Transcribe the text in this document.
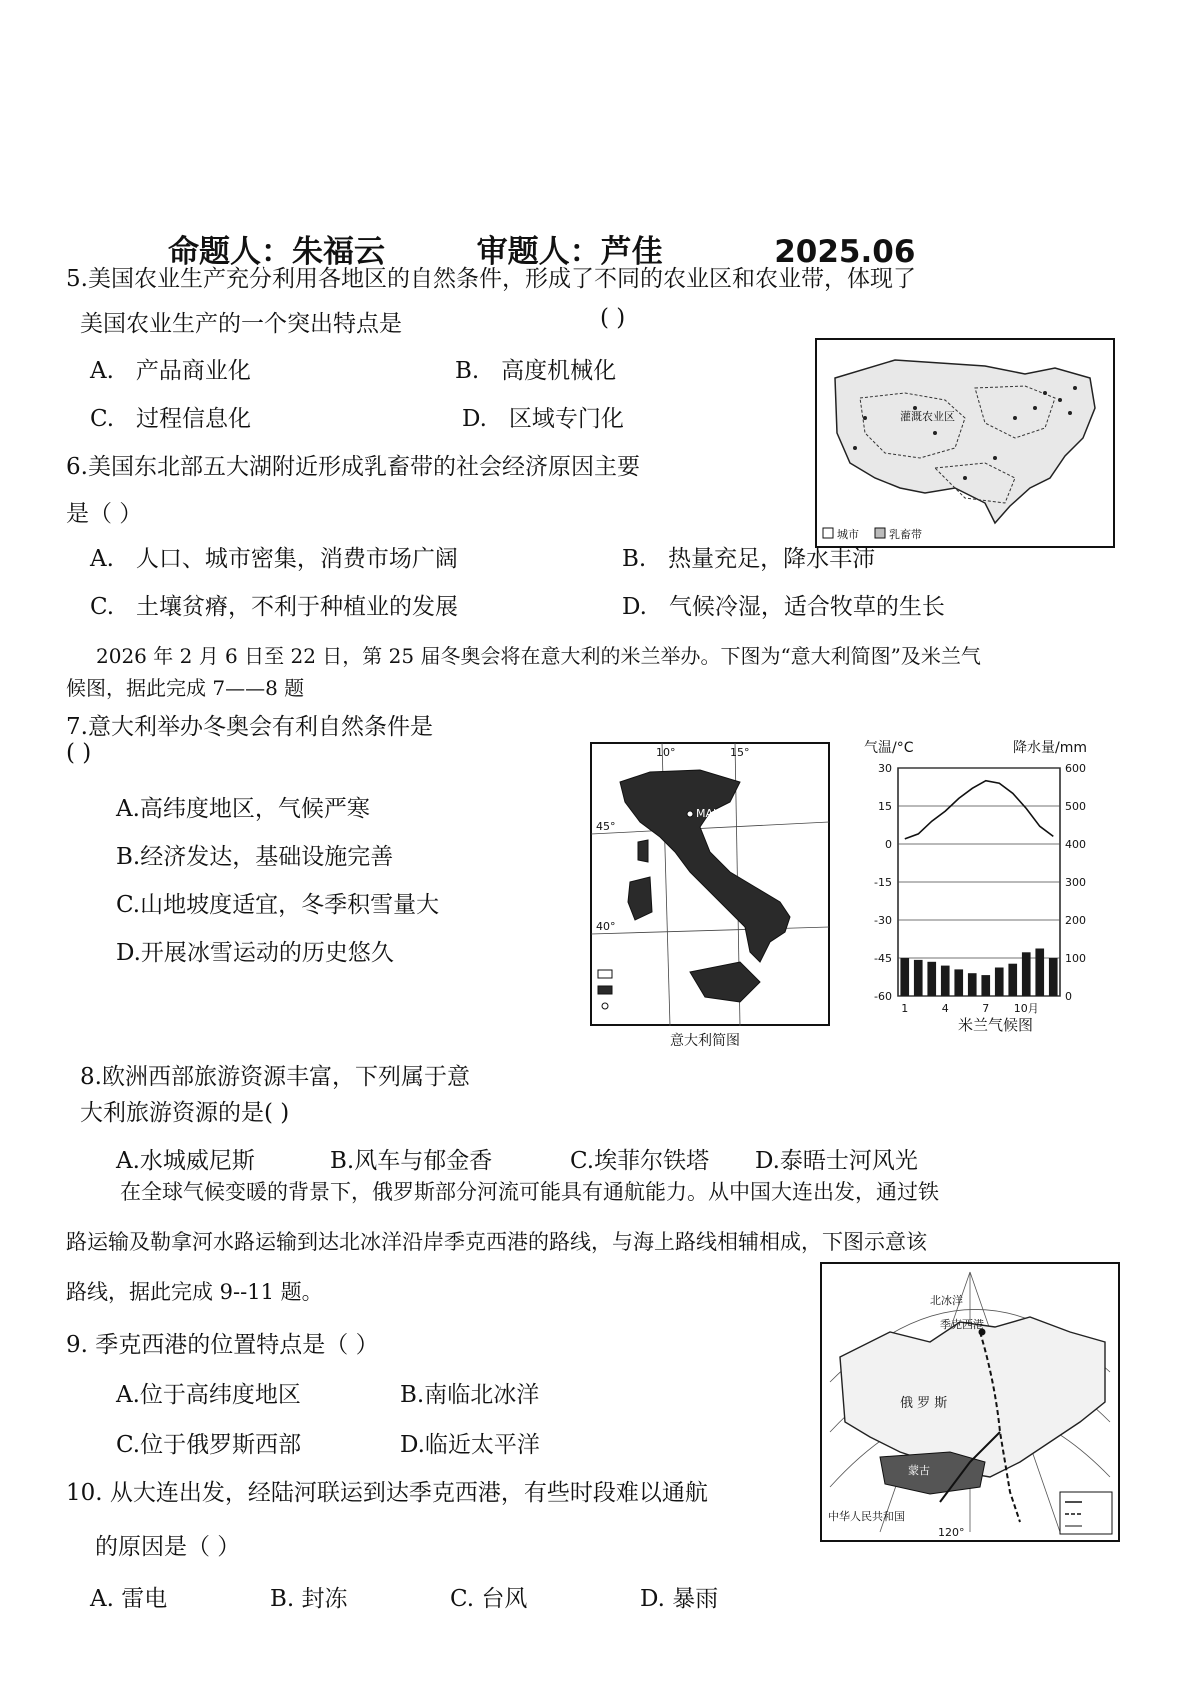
命题人：朱福云	审题人：芦佳	2025.06
5.美国农业生产充分利用各地区的自然条件，形成了不同的农业区和农业带，体现了
美国农业生产的一个突出特点是	( )
A. 产品商业化	B. 高度机械化
C. 过程信息化	D. 区域专门化	灌溉农业区
城市	乳畜带
6.美国东北部五大湖附近形成乳畜带的社会经济原因主要
是（ ）
A. 人口、城市密集，消费市场广阔	B. 热量充足，降水丰沛
C. 土壤贫瘠，不利于种植业的发展	D. 气候冷湿，适合牧草的生长
2026 年 2 月 6 日至 22 日，第 25 届冬奥会将在意大利的米兰举办。下图为“意大利简图”及米兰气
候图，据此完成 7——8 题
7.意大利举办冬奥会有利自然条件是
( )
A.高纬度地区，气候严寒
B.经济发达，基础设施完善
C.山地坡度适宜，冬季积雪量大
D.开展冰雪运动的历史悠久
45°
40°
10°	15°
MAILE
意大利简图
气温/°C	降水量/mm
30	600
15	500
0	400
-15	300
-30	200
-45	100
-60	0
1	4	7 10月
米兰气候图
8.欧洲西部旅游资源丰富，下列属于意
大利旅游资源的是( )
A.水城威尼斯	B.风车与郁金香	C.埃菲尔铁塔 D.泰晤士河风光
在全球气候变暖的背景下，俄罗斯部分河流可能具有通航能力。从中国大连出发，通过铁
路运输及勒拿河水路运输到达北冰洋沿岸季克西港的路线，与海上路线相辅相成，下图示意该
路线，据此完成 9--11 题。
9. 季克西港的位置特点是（ ）
A.位于高纬度地区	B.南临北冰洋
C.位于俄罗斯西部	D.临近太平洋
北冰洋
季克西港
俄 罗 斯
蒙古
中华人民共和国
120°
10. 从大连出发，经陆河联运到达季克西港，有些时段难以通航
的原因是（ ）
A. 雷电	B. 封冻	C. 台风	D. 暴雨
